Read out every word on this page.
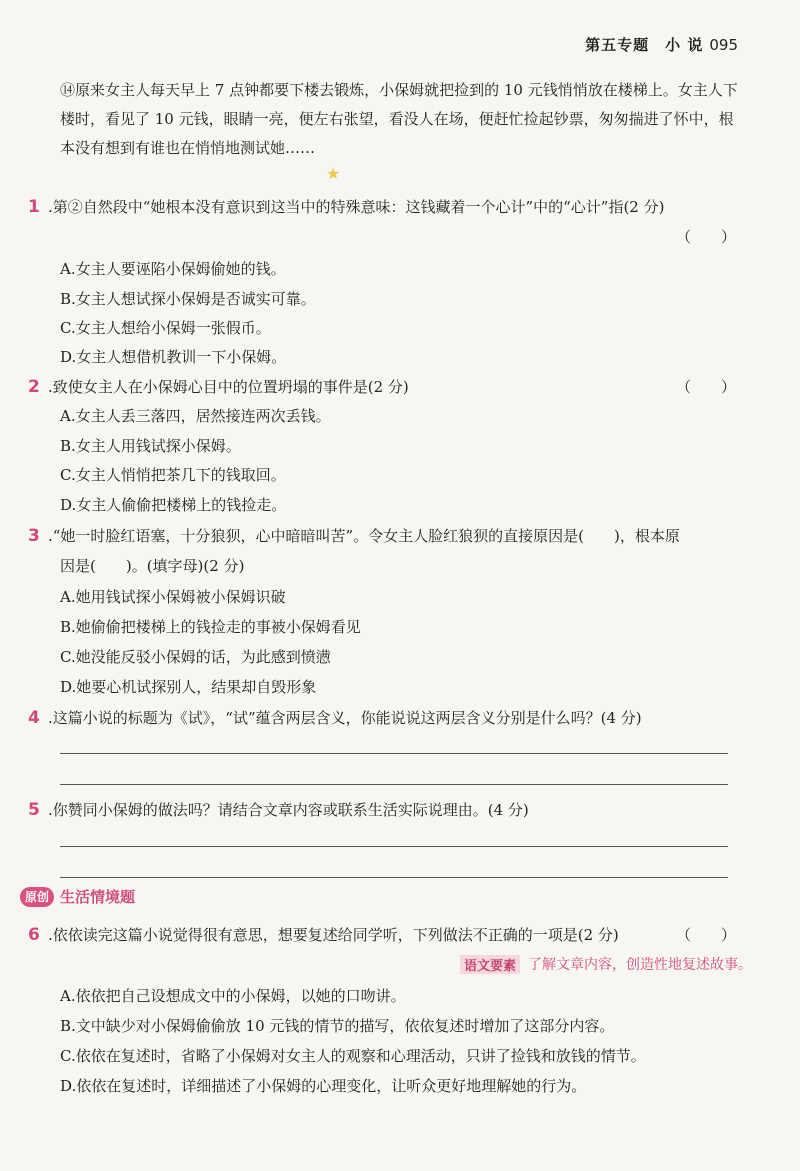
第五专题　小 说 095
⑭原来女主人每天早上 7 点钟都要下楼去锻炼，小保姆就把捡到的 10 元钱悄悄放在楼梯上。女主人下楼时，看见了 10 元钱，眼睛一亮，便左右张望，看没人在场，便赶忙捡起钞票，匆匆揣进了怀中，根本没有想到有谁也在悄悄地测试她……
★
1 .第②自然段中“她根本没有意识到这当中的特殊意味：这钱藏着一个心计”中的“心计”指(2 分)
（　　）
A.女主人要诬陷小保姆偷她的钱。
B.女主人想试探小保姆是否诚实可靠。
C.女主人想给小保姆一张假币。
D.女主人想借机教训一下小保姆。
2 .致使女主人在小保姆心目中的位置坍塌的事件是(2 分)	（　　）
A.女主人丢三落四，居然接连两次丢钱。
B.女主人用钱试探小保姆。
C.女主人悄悄把茶几下的钱取回。
D.女主人偷偷把楼梯上的钱捡走。
3 .“她一时脸红语塞，十分狼狈，心中暗暗叫苦”。令女主人脸红狼狈的直接原因是(　　)，根本原
因是(　　)。(填字母)(2 分)
A.她用钱试探小保姆被小保姆识破
B.她偷偷把楼梯上的钱捡走的事被小保姆看见
C.她没能反驳小保姆的话，为此感到愤懑
D.她要心机试探别人，结果却自毁形象
4 .这篇小说的标题为《试》，“试”蕴含两层含义，你能说说这两层含义分别是什么吗？(4 分)
5 .你赞同小保姆的做法吗？请结合文章内容或联系生活实际说理由。(4 分)
原创 生活情境题
6 .依依读完这篇小说觉得很有意思，想要复述给同学听，下列做法不正确的一项是(2 分)	（　　）
语文要素 了解文章内容，创造性地复述故事。
A.依依把自己设想成文中的小保姆，以她的口吻讲。
B.文中缺少对小保姆偷偷放 10 元钱的情节的描写，依依复述时增加了这部分内容。
C.依依在复述时，省略了小保姆对女主人的观察和心理活动，只讲了捡钱和放钱的情节。
D.依依在复述时，详细描述了小保姆的心理变化，让听众更好地理解她的行为。
